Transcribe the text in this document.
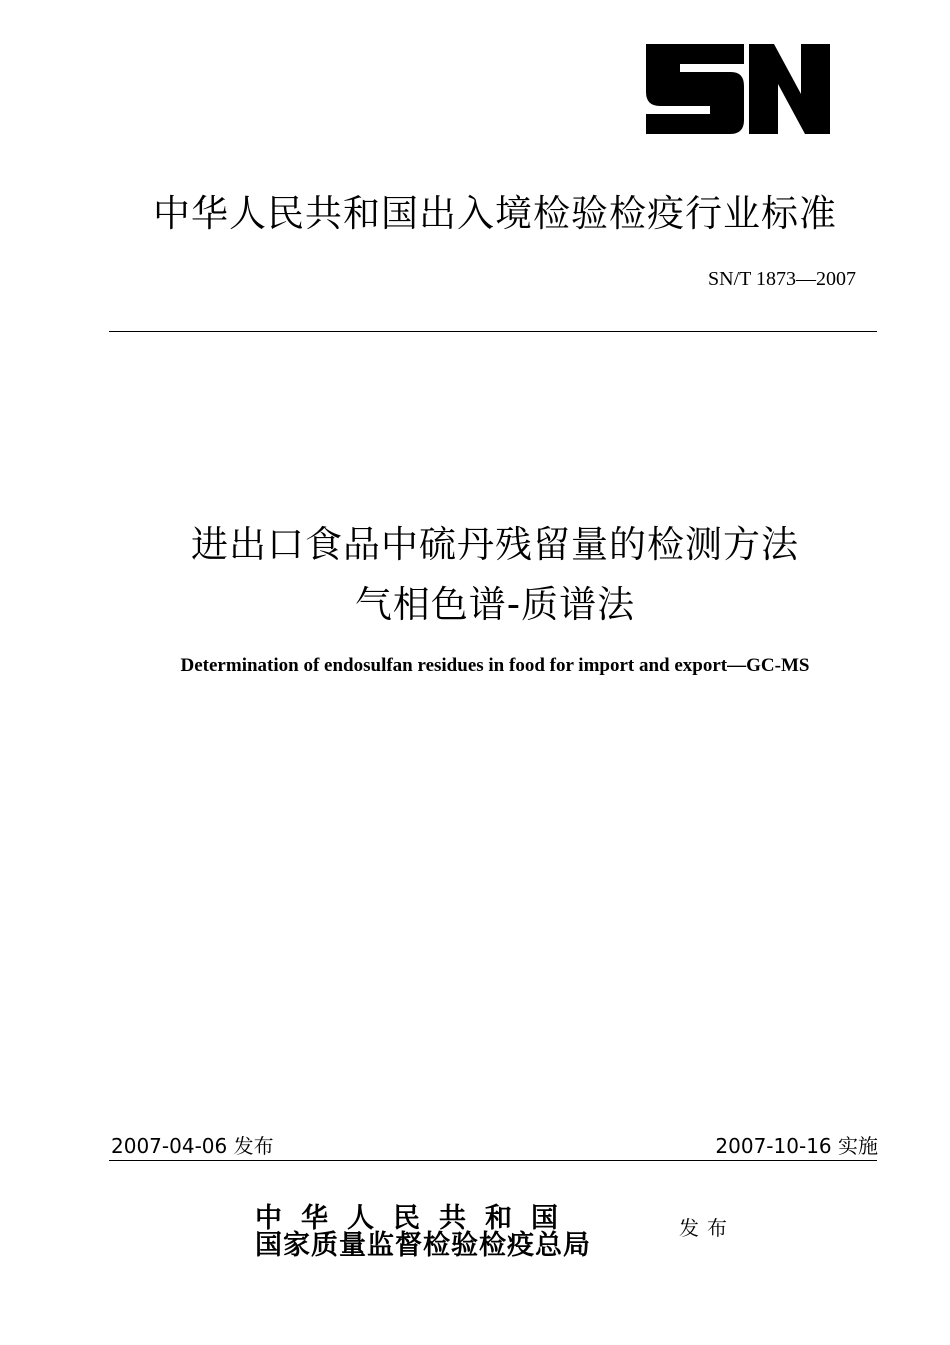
中华人民共和国出入境检验检疫行业标准
SN/T 1873—2007
进出口食品中硫丹残留量的检测方法
气相色谱-质谱法
Determination of endosulfan residues in food for import and export—GC-MS
2007-04-06 发布	2007-10-16 实施
中华人民共和国
国家质量监督检验检疫总局
发布
